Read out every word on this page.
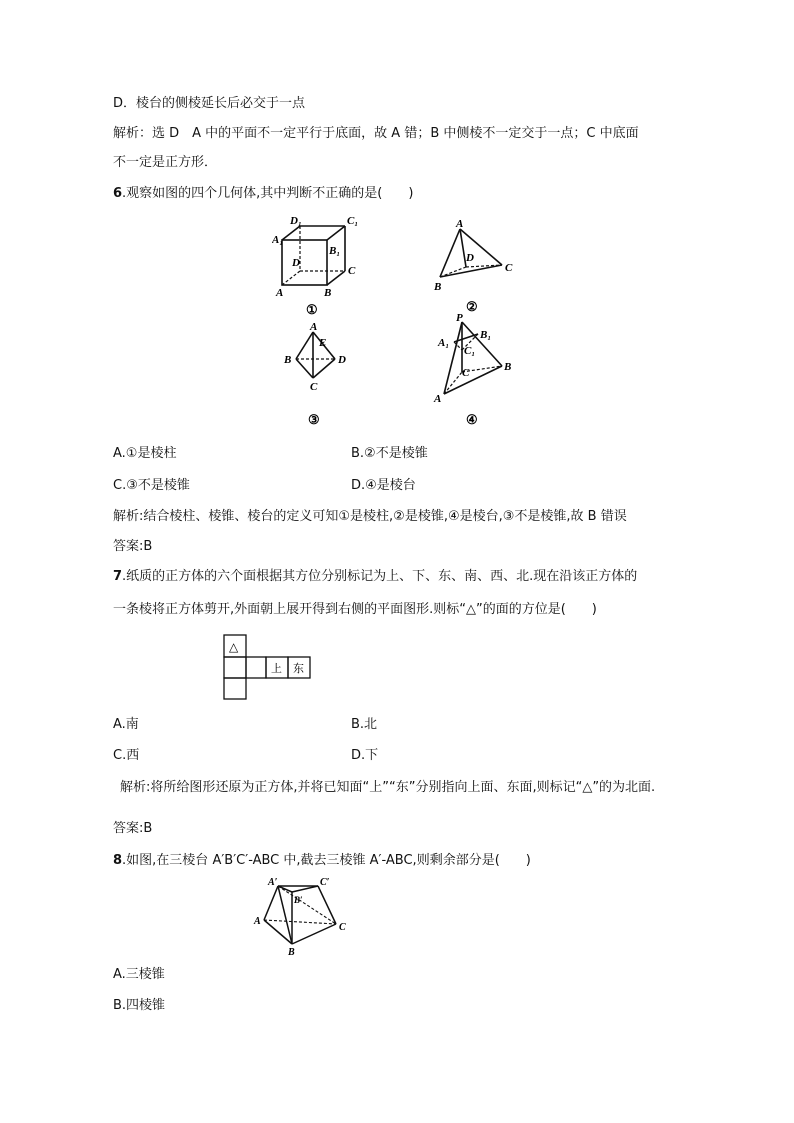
D．棱台的侧棱延长后必交于一点
解析：选 D　A 中的平面不一定平行于底面，故 A 错；B 中侧棱不一定交于一点；C 中底面
不一定是正方形．
6.观察如图的四个几何体,其中判断不正确的是(　　)
D₁	C₁
A₁
B₁
D
C
A	B
①
A
D
C
B
②
A
E
B	D
C
③
P
B₁
A₁
C₁
C	B
A
④
A.①是棱柱	B.②不是棱锥
C.③不是棱锥	D.④是棱台
解析:结合棱柱、棱锥、棱台的定义可知①是棱柱,②是棱锥,④是棱台,③不是棱锥,故 B 错误
答案:B
7.纸质的正方体的六个面根据其方位分别标记为上、下、东、南、西、北.现在沿该正方体的
一条棱将正方体剪开,外面朝上展开得到右侧的平面图形.则标“△”的面的方位是(　　)
△
上 东
A.南	B.北
C.西	D.下
解析:将所给图形还原为正方体,并将已知面“上”“东”分别指向上面、东面,则标记“△”的为北面.
答案:B
8.如图,在三棱台 A′B′C′-ABC 中,截去三棱锥 A′-ABC,则剩余部分是(　　)
A′	C′
B′
A
B
C
A.三棱锥
B.四棱锥
